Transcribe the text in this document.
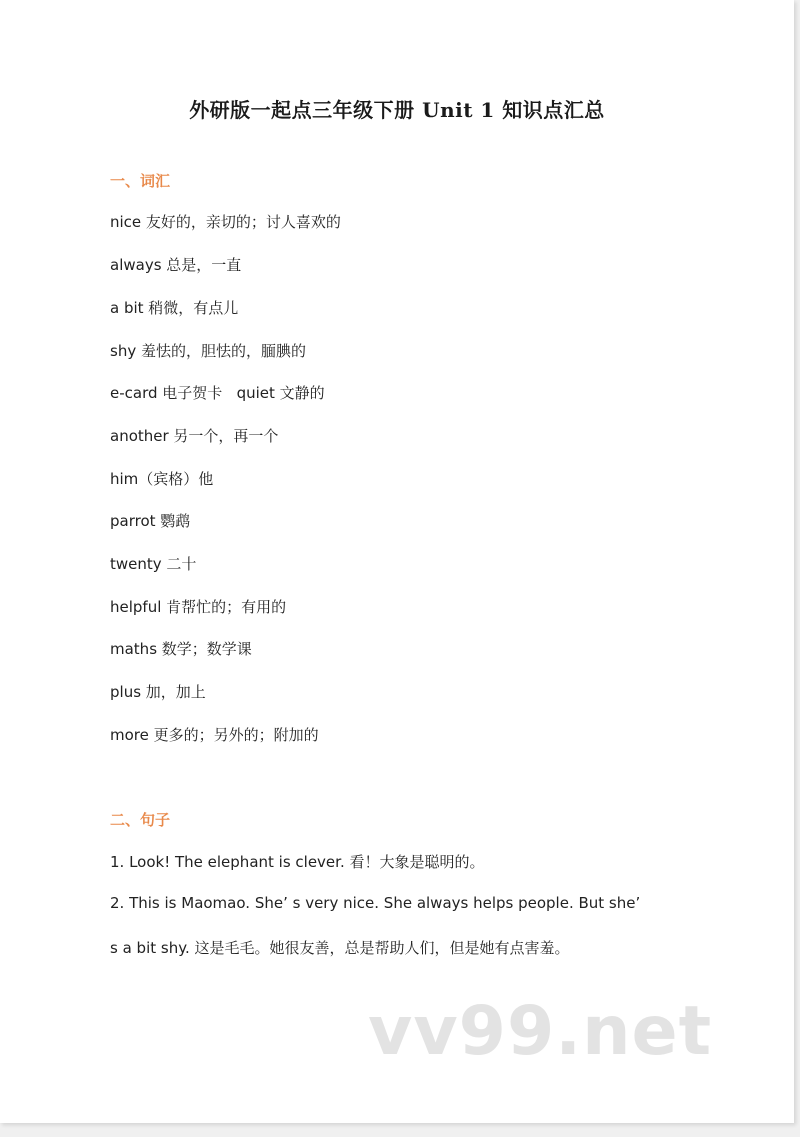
外研版一起点三年级下册 Unit 1 知识点汇总
一、词汇
nice 友好的，亲切的；讨人喜欢的
always 总是，一直
a bit 稍微，有点儿
shy 羞怯的，胆怯的，腼腆的
e-card 电子贺卡   quiet 文静的
another 另一个，再一个
him（宾格）他
parrot 鹦鹉
twenty 二十
helpful 肯帮忙的；有用的
maths 数学；数学课
plus 加，加上
more 更多的；另外的；附加的
二、句子
1. Look! The elephant is clever. 看！大象是聪明的。
2. This is Maomao. She’ s very nice. She always helps people. But she’
s a bit shy. 这是毛毛。她很友善，总是帮助人们，但是她有点害羞。
vv99.net
